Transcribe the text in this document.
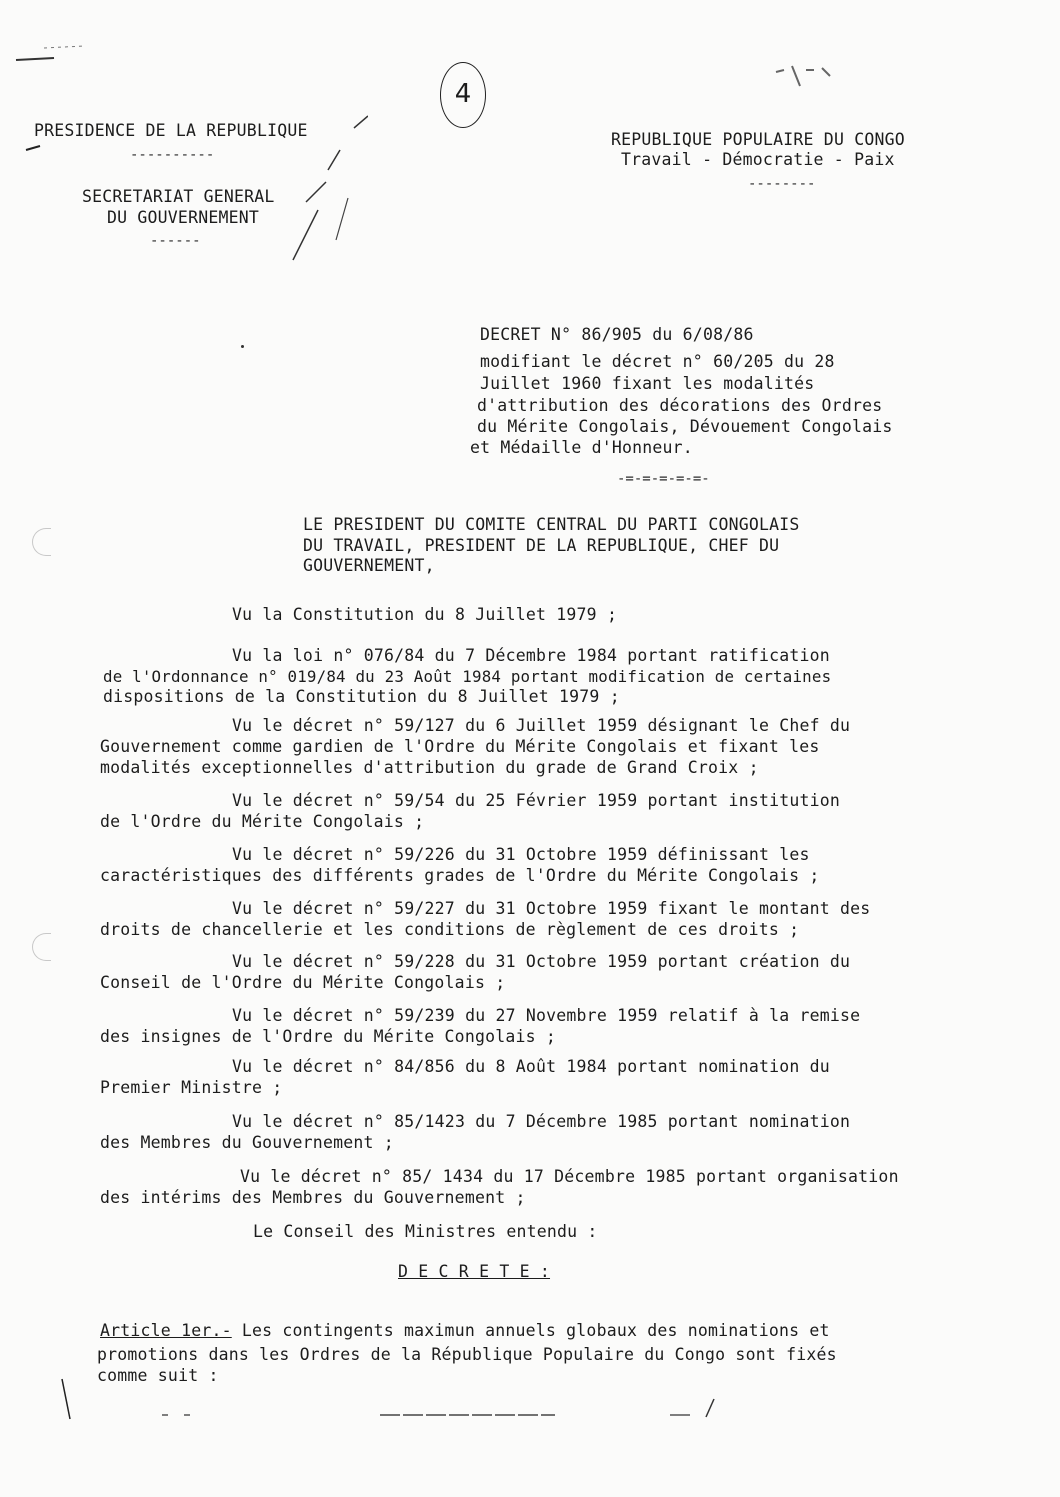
PRESIDENCE DE LA REPUBLIQUE
----------
SECRETARIAT GENERAL
DU GOUVERNEMENT
------
4
REPUBLIQUE POPULAIRE DU CONGO
Travail - Démocratie - Paix
--------
DECRET N° 86/905 du 6/08/86
modifiant le décret n° 60/205 du 28
Juillet 1960 fixant les modalités
d'attribution des décorations des Ordres
du Mérite Congolais, Dévouement Congolais
et Médaille d'Honneur.
-=-=-=-=-=-
LE PRESIDENT DU COMITE CENTRAL DU PARTI CONGOLAIS
DU TRAVAIL, PRESIDENT DE LA REPUBLIQUE, CHEF DU
GOUVERNEMENT,
Vu la Constitution du 8 Juillet 1979 ;
Vu la loi n° 076/84 du 7 Décembre 1984 portant ratification
de l'Ordonnance n° 019/84 du 23 Août 1984 portant modification de certaines
dispositions de la Constitution du 8 Juillet 1979 ;
Vu le décret n° 59/127 du 6 Juillet 1959 désignant le Chef du
Gouvernement comme gardien de l'Ordre du Mérite Congolais et fixant les
modalités exceptionnelles d'attribution du grade de Grand Croix ;
Vu le décret n° 59/54 du 25 Février 1959 portant institution
de l'Ordre du Mérite Congolais ;
Vu le décret n° 59/226 du 31 Octobre 1959 définissant les
caractéristiques des différents grades de l'Ordre du Mérite Congolais ;
Vu le décret n° 59/227 du 31 Octobre 1959 fixant le montant des
droits de chancellerie et les conditions de règlement de ces droits ;
Vu le décret n° 59/228 du 31 Octobre 1959 portant création du
Conseil de l'Ordre du Mérite Congolais ;
Vu le décret n° 59/239 du 27 Novembre 1959 relatif à la remise
des insignes de l'Ordre du Mérite Congolais ;
Vu le décret n° 84/856 du 8 Août 1984 portant nomination du
Premier Ministre ;
Vu le décret n° 85/1423 du 7 Décembre 1985 portant nomination
des Membres du Gouvernement ;
Vu le décret n° 85/ 1434 du 17 Décembre 1985 portant organisation
des intérims des Membres du Gouvernement ;
Le Conseil des Ministres entendu :
D E C R E T E :
Article 1er.- Les contingents maximun annuels globaux des nominations et
promotions dans les Ordres de la République Populaire du Congo sont fixés
comme suit :
